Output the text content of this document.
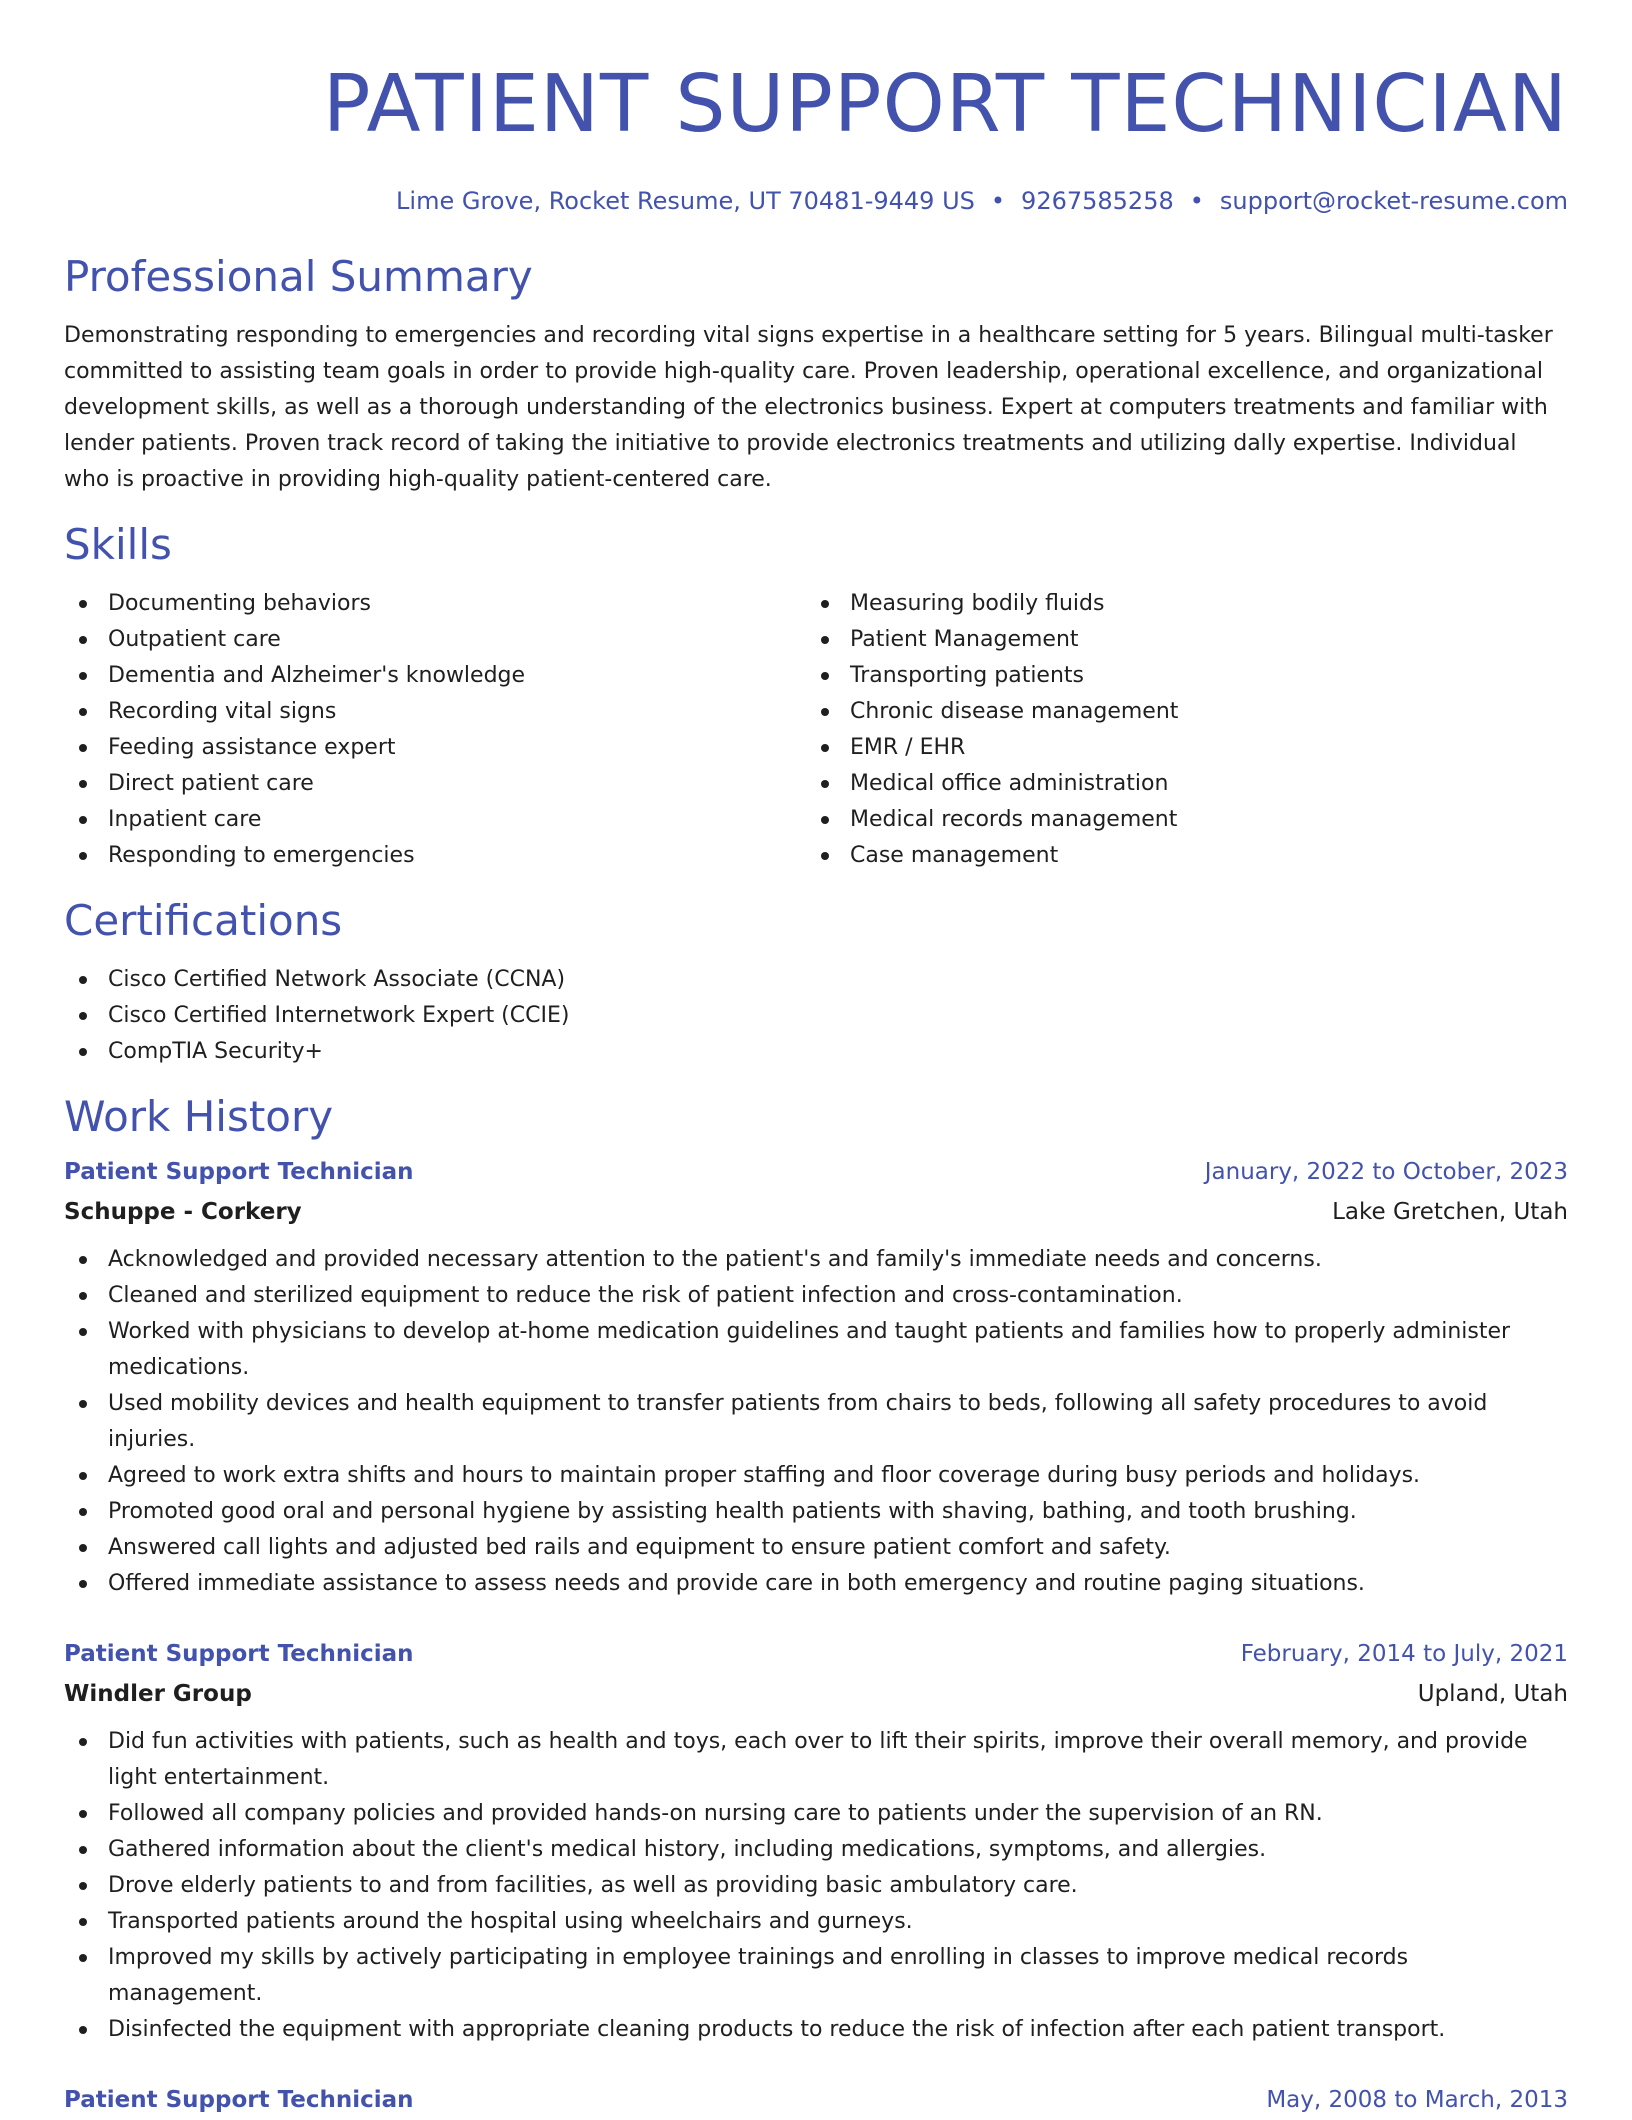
PATIENT SUPPORT TECHNICIAN
Lime Grove, Rocket Resume, UT 70481-9449 US • 9267585258 • support@rocket-resume.com
Professional Summary

Demonstrating responding to emergencies and recording vital signs expertise in a healthcare setting for 5 years. Bilingual multi-tasker committed to assisting team goals in order to provide high-quality care. Proven leadership, operational excellence, and organizational development skills, as well as a thorough understanding of the electronics business. Expert at computers treatments and familiar with lender patients. Proven track record of taking the initiative to provide electronics treatments and utilizing dally expertise. Individual who is proactive in providing high-quality patient-centered care.

Skills
Documenting behaviors
Outpatient care
Dementia and Alzheimer's knowledge
Recording vital signs
Feeding assistance expert
Direct patient care
Inpatient care
Responding to emergencies
Measuring bodily fluids
Patient Management
Transporting patients
Chronic disease management
EMR / EHR
Medical office administration
Medical records management
Case management
Certifications
Cisco Certified Network Associate (CCNA)
Cisco Certified Internetwork Expert (CCIE)
CompTIA Security+
Work History
Patient Support Technician	January, 2022 to October, 2023
Schuppe - Corkery	Lake Gretchen, Utah
Acknowledged and provided necessary attention to the patient's and family's immediate needs and concerns.
Cleaned and sterilized equipment to reduce the risk of patient infection and cross-contamination.
Worked with physicians to develop at-home medication guidelines and taught patients and families how to properly administer medications.
Used mobility devices and health equipment to transfer patients from chairs to beds, following all safety procedures to avoid injuries.
Agreed to work extra shifts and hours to maintain proper staffing and floor coverage during busy periods and holidays.
Promoted good oral and personal hygiene by assisting health patients with shaving, bathing, and tooth brushing.
Answered call lights and adjusted bed rails and equipment to ensure patient comfort and safety.
Offered immediate assistance to assess needs and provide care in both emergency and routine paging situations.
Patient Support Technician	February, 2014 to July, 2021
Windler Group	Upland, Utah
Did fun activities with patients, such as health and toys, each over to lift their spirits, improve their overall memory, and provide light entertainment.
Followed all company policies and provided hands-on nursing care to patients under the supervision of an RN.
Gathered information about the client's medical history, including medications, symptoms, and allergies.
Drove elderly patients to and from facilities, as well as providing basic ambulatory care.
Transported patients around the hospital using wheelchairs and gurneys.
Improved my skills by actively participating in employee trainings and enrolling in classes to improve medical records management.
Disinfected the equipment with appropriate cleaning products to reduce the risk of infection after each patient transport.
Patient Support Technician	May, 2008 to March, 2013
